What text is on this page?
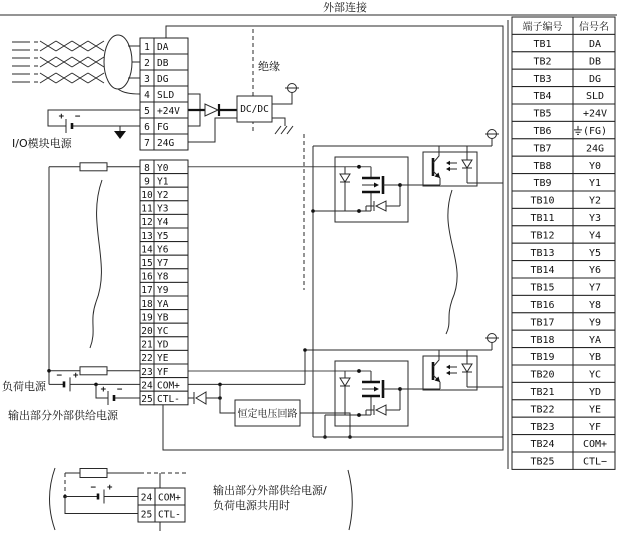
外部连接
+ −
I/O模块电源
绝缘
DC/DC
− +
+ −
负荷电源
输出部分外部供给电源	恒定电压回路
1 DA
2 DB
3 DG
4 SLD
5 +24V
6 FG
7 24G
8 Y0
9 Y1
10 Y2
11 Y3
12 Y4
13 Y5
14 Y6
15 Y7
16 Y8
17 Y9
18 YA
19 YB
20 YC
21 YD
22 YE
23 YF
24 COM+
25 CTL-
− +
24 COM+
25 CTL-
输出部分外部供给电源/
负荷电源共用时
端子编号 信号名
TB1	DA
TB2	DB
TB3	DG
TB4	SLD
TB5	+24V
TB6	(FG)
TB7	24G
TB8	Y0
TB9	Y1
TB10	Y2
TB11	Y3
TB12	Y4
TB13	Y5
TB14	Y6
TB15	Y7
TB16	Y8
TB17	Y9
TB18	YA
TB19	YB
TB20	YC
TB21	YD
TB22	YE
TB23	YF
TB24	COM+
TB25	CTL−
